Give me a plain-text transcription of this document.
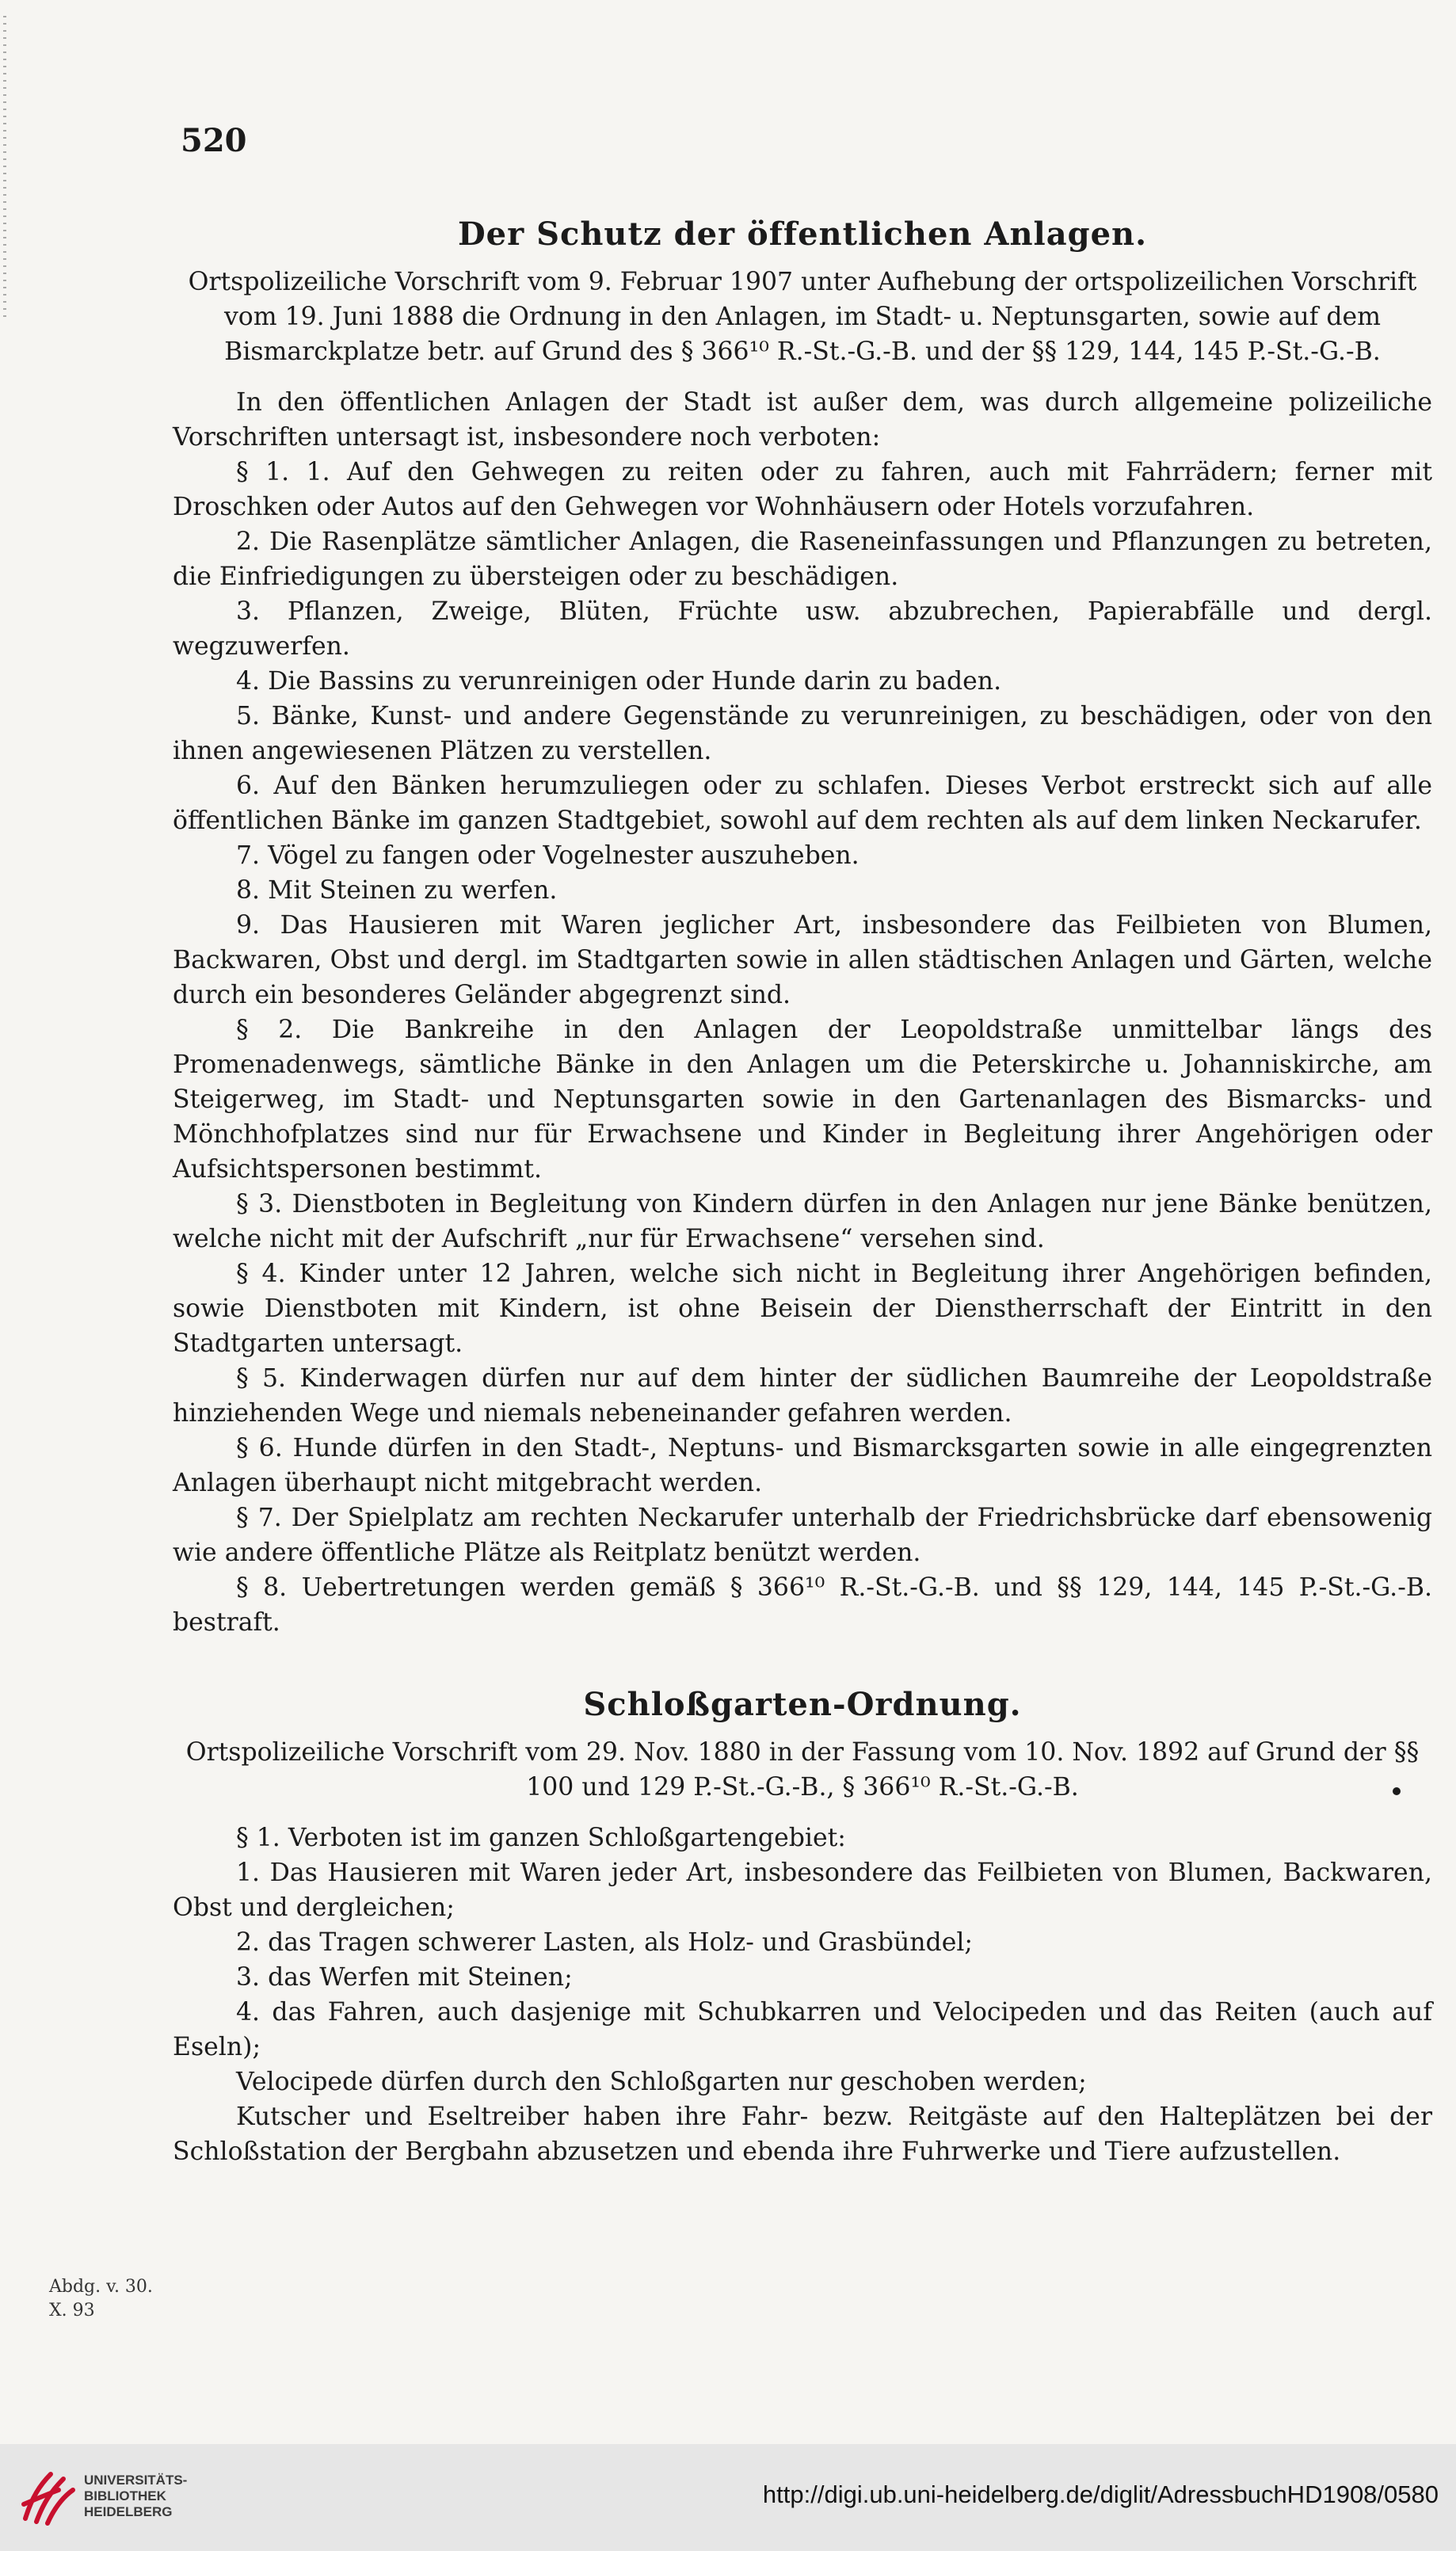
520
Der Schutz der öffentlichen Anlagen.
Ortspolizeiliche Vorschrift vom 9. Februar 1907 unter Aufhebung der ortspolizeilichen Vorschrift vom 19. Juni 1888 die Ordnung in den Anlagen, im Stadt- u. Neptunsgarten, sowie auf dem Bismarckplatze betr. auf Grund des § 366¹⁰ R.-St.-G.-B. und der §§ 129, 144, 145 P.-St.-G.-B.

In den öffentlichen Anlagen der Stadt ist außer dem, was durch allgemeine polizeiliche Vorschriften untersagt ist, insbesondere noch verboten:

§ 1. 1. Auf den Gehwegen zu reiten oder zu fahren, auch mit Fahrrädern; ferner mit Droschken oder Autos auf den Gehwegen vor Wohnhäusern oder Hotels vorzufahren.

2. Die Rasenplätze sämtlicher Anlagen, die Raseneinfassungen und Pflanzungen zu betreten, die Einfriedigungen zu übersteigen oder zu beschädigen.

3. Pflanzen, Zweige, Blüten, Früchte usw. abzubrechen, Papierabfälle und dergl. wegzuwerfen.

4. Die Bassins zu verunreinigen oder Hunde darin zu baden.

5. Bänke, Kunst- und andere Gegenstände zu verunreinigen, zu beschädigen, oder von den ihnen angewiesenen Plätzen zu verstellen.

6. Auf den Bänken herumzuliegen oder zu schlafen. Dieses Verbot erstreckt sich auf alle öffentlichen Bänke im ganzen Stadtgebiet, sowohl auf dem rechten als auf dem linken Neckarufer.

7. Vögel zu fangen oder Vogelnester auszuheben.

8. Mit Steinen zu werfen.

9. Das Hausieren mit Waren jeglicher Art, insbesondere das Feilbieten von Blumen, Backwaren, Obst und dergl. im Stadtgarten sowie in allen städtischen Anlagen und Gärten, welche durch ein besonderes Geländer abgegrenzt sind.

§ 2. Die Bankreihe in den Anlagen der Leopoldstraße unmittelbar längs des Promenadenwegs, sämtliche Bänke in den Anlagen um die Peterskirche u. Johanniskirche, am Steigerweg, im Stadt- und Neptunsgarten sowie in den Gartenanlagen des Bismarcks- und Mönchhofplatzes sind nur für Erwachsene und Kinder in Begleitung ihrer Angehörigen oder Aufsichtspersonen bestimmt.

§ 3. Dienstboten in Begleitung von Kindern dürfen in den Anlagen nur jene Bänke benützen, welche nicht mit der Aufschrift „nur für Erwachsene“ versehen sind.

§ 4. Kinder unter 12 Jahren, welche sich nicht in Begleitung ihrer Angehörigen befinden, sowie Dienstboten mit Kindern, ist ohne Beisein der Dienstherrschaft der Eintritt in den Stadtgarten untersagt.

§ 5. Kinderwagen dürfen nur auf dem hinter der südlichen Baumreihe der Leopoldstraße hinziehenden Wege und niemals nebeneinander gefahren werden.

§ 6. Hunde dürfen in den Stadt-, Neptuns- und Bismarcksgarten sowie in alle eingegrenzten Anlagen überhaupt nicht mitgebracht werden.

§ 7. Der Spielplatz am rechten Neckarufer unterhalb der Friedrichsbrücke darf ebensowenig wie andere öffentliche Plätze als Reitplatz benützt werden.

§ 8. Uebertretungen werden gemäß § 366¹⁰ R.-St.-G.-B. und §§ 129, 144, 145 P.-St.-G.-B. bestraft.

Schloßgarten-Ordnung.
Ortspolizeiliche Vorschrift vom 29. Nov. 1880 in der Fassung vom 10. Nov. 1892 auf Grund der §§ 100 und 129 P.-St.-G.-B., § 366¹⁰ R.-St.-G.-B.

§ 1. Verboten ist im ganzen Schloßgartengebiet:

1. Das Hausieren mit Waren jeder Art, insbesondere das Feilbieten von Blumen, Backwaren, Obst und dergleichen;

2. das Tragen schwerer Lasten, als Holz- und Grasbündel;

3. das Werfen mit Steinen;

4. das Fahren, auch dasjenige mit Schubkarren und Velocipeden und das Reiten (auch auf Eseln);

Velocipede dürfen durch den Schloßgarten nur geschoben werden;

Kutscher und Eseltreiber haben ihre Fahr- bezw. Reitgäste auf den Halteplätzen bei der Schloßstation der Bergbahn abzusetzen und ebenda ihre Fuhrwerke und Tiere aufzustellen.

Abdg. v. 30. X. 93
UNIVERSITÄTS-
BIBLIOTHEK
HEIDELBERG
http://digi.ub.uni-heidelberg.de/diglit/AdressbuchHD1908/0580
